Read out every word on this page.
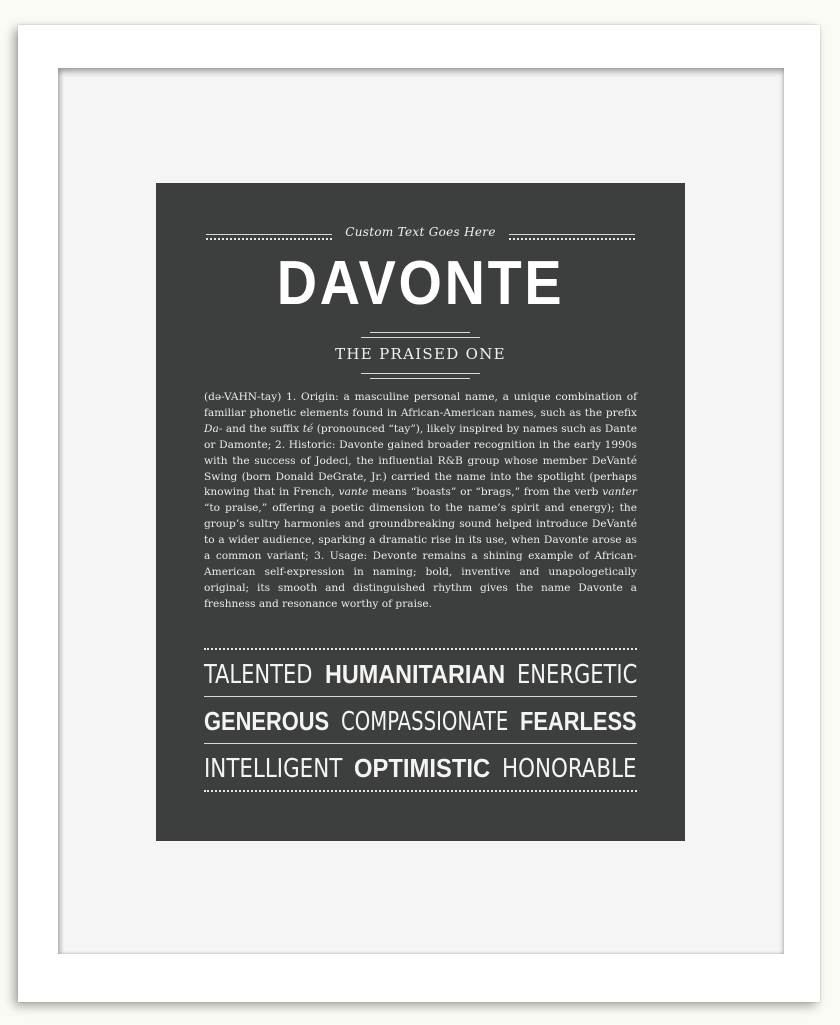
Custom Text Goes Here
DAVONTE
THE PRAISED ONE
(də-VAHN-tay) 1. Origin: a masculine personal name, a unique combination of familiar phonetic elements found in African-American names, such as the prefix Da- and the suffix té (pronounced “tay”), likely inspired by names such as Dante or Damonte; 2. Historic: Davonte gained broader recognition in the early 1990s with the success of Jodeci, the influential R&B group whose member DeVanté Swing (born Donald DeGrate, Jr.) carried the name into the spotlight (perhaps knowing that in French, vante means “boasts” or “brags,” from the verb vanter “to praise,” offering a poetic dimension to the name’s spirit and energy); the group’s sultry harmonies and groundbreaking sound helped introduce DeVanté to a wider audience, sparking a dramatic rise in its use, when Davonte arose as a common variant; 3. Usage: Devonte remains a shining example of African-American self-expression in naming; bold, inventive and unapologetically original; its smooth and distinguished rhythm gives the name Davonte a freshness and resonance worthy of praise.
TALENTED HUMANITARIAN ENERGETIC
GENEROUS COMPASSIONATE FEARLESS
INTELLIGENT OPTIMISTIC HONORABLE
